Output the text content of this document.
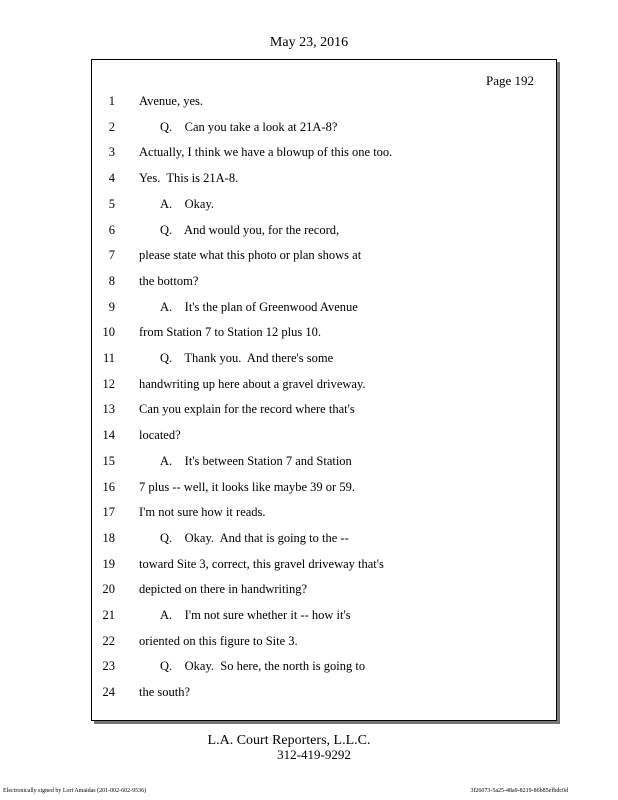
May 23, 2016
Page 192
1 Avenue, yes.
2	Q.    Can you take a look at 21A-8?
3 Actually, I think we have a blowup of this one too.
4 Yes.  This is 21A-8.
5	A.    Okay.
6	Q.    And would you, for the record,
7 please state what this photo or plan shows at
8 the bottom?
9	A.    It's the plan of Greenwood Avenue
10 from Station 7 to Station 12 plus 10.
11	Q.    Thank you.  And there's some
12 handwriting up here about a gravel driveway.
13 Can you explain for the record where that's
14 located?
15	A.    It's between Station 7 and Station
16 7 plus -- well, it looks like maybe 39 or 59.
17 I'm not sure how it reads.
18	Q.    Okay.  And that is going to the --
19 toward Site 3, correct, this gravel driveway that's
20 depicted on there in handwriting?
21	A.    I'm not sure whether it -- how it's
22 oriented on this figure to Site 3.
23	Q.    Okay.  So here, the north is going to
24 the south?
L.A. Court Reporters, L.L.C.
312-419-9292
Electronically signed by Lori Amaidas (201-002-602-9536)	3f26073-5a25-48a9-8219-86b85efbdc0d
